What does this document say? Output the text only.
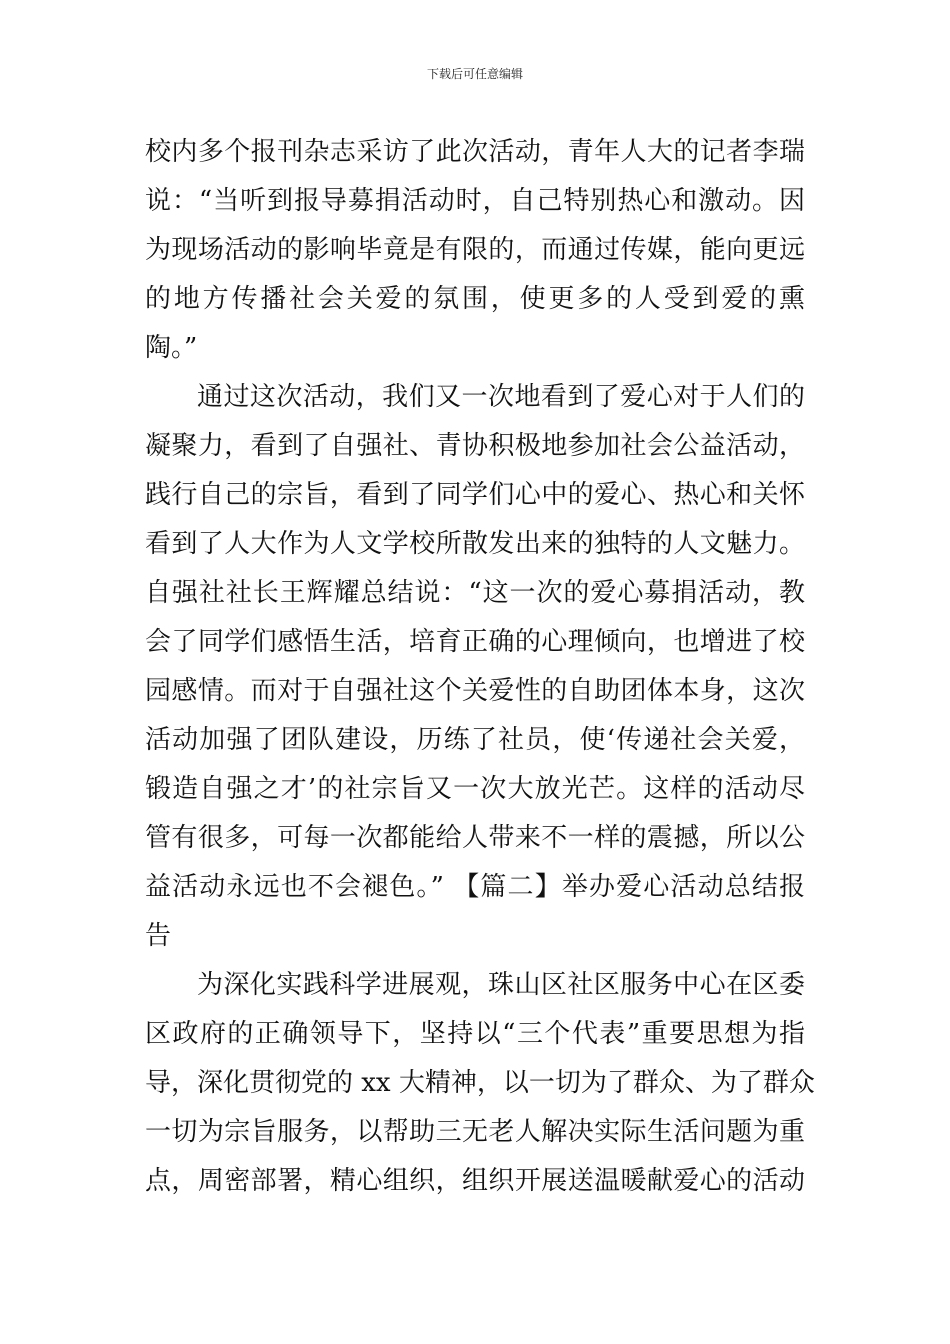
下载后可任意编辑
校内多个报刊杂志采访了此次活动，青年人大的记者李瑞
说：“当听到报导募捐活动时，自己特别热心和激动。因
为现场活动的影响毕竟是有限的，而通过传媒，能向更远
的地方传播社会关爱的氛围，使更多的人受到爱的熏
陶。”
通过这次活动，我们又一次地看到了爱心对于人们的
凝聚力，看到了自强社、青协积极地参加社会公益活动，
践行自己的宗旨，看到了同学们心中的爱心、热心和关怀
看到了人大作为人文学校所散发出来的独特的人文魅力。
自强社社长王辉耀总结说：“这一次的爱心募捐活动，教
会了同学们感悟生活，培育正确的心理倾向，也增进了校
园感情。而对于自强社这个关爱性的自助团体本身，这次
活动加强了团队建设，历练了社员，使‘传递社会关爱，
锻造自强之才’的社宗旨又一次大放光芒。这样的活动尽
管有很多，可每一次都能给人带来不一样的震撼，所以公
益活动永远也不会褪色。” 【篇二】举办爱心活动总结报
告
为深化实践科学进展观，珠山区社区服务中心在区委
区政府的正确领导下，坚持以“三个代表”重要思想为指
导，深化贯彻党的 xx 大精神，以一切为了群众、为了群众
一切为宗旨服务，以帮助三无老人解决实际生活问题为重
点，周密部署，精心组织，组织开展送温暖献爱心的活动
